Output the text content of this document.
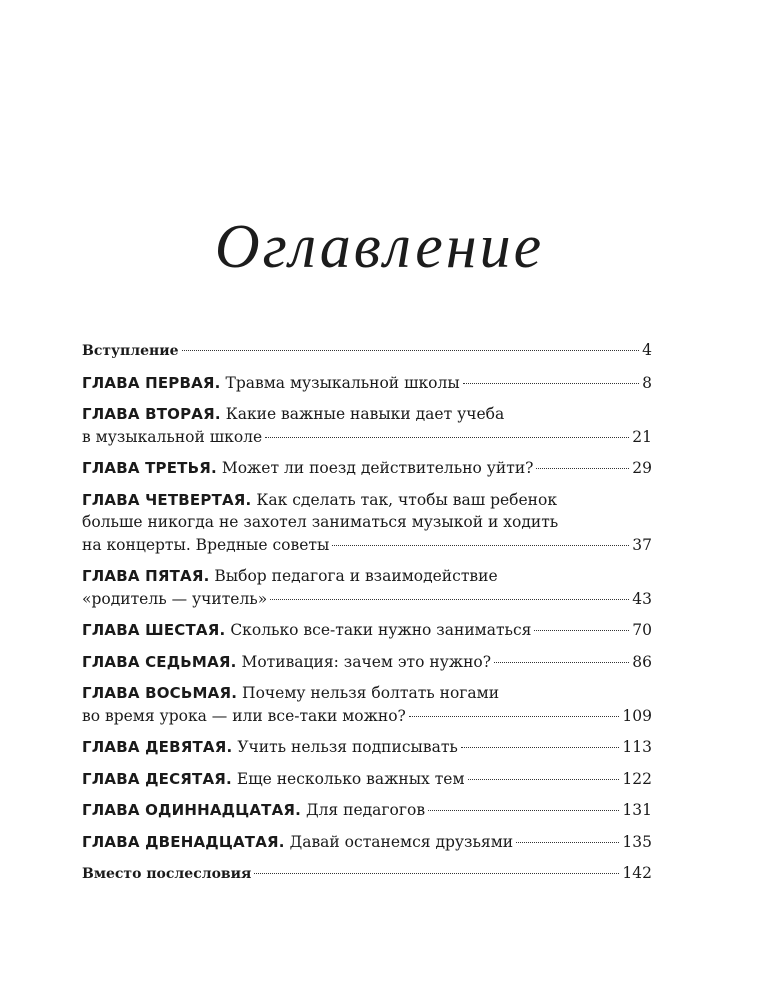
Оглавление
Вступление	4
ГЛАВА ПЕРВАЯ.
Травма музыкальной школы	8
ГЛАВА ВТОРАЯ. Какие важные навыки дает учеба
в музыкальной школе	21
ГЛАВА ТРЕТЬЯ.
Может ли поезд действительно уйти?	29
ГЛАВА ЧЕТВЕРТАЯ. Как сделать так, чтобы ваш ребенок
больше никогда не захотел заниматься музыкой и ходить
на концерты. Вредные советы	37
ГЛАВА ПЯТАЯ. Выбор педагога и взаимодействие
«родитель — учитель»	43
ГЛАВА ШЕСТАЯ.
Сколько все-таки нужно заниматься	70
ГЛАВА СЕДЬМАЯ.
Мотивация: зачем это нужно?	86
ГЛАВА ВОСЬМАЯ. Почему нельзя болтать ногами
во время урока — или все-таки можно?	109
ГЛАВА ДЕВЯТАЯ.
Учить нельзя подписывать	113
ГЛАВА ДЕСЯТАЯ.
Еще несколько важных тем	122
ГЛАВА ОДИННАДЦАТАЯ.
Для педагогов	131
ГЛАВА ДВЕНАДЦАТАЯ.
Давай останемся друзьями	135
Вместо послесловия	142
